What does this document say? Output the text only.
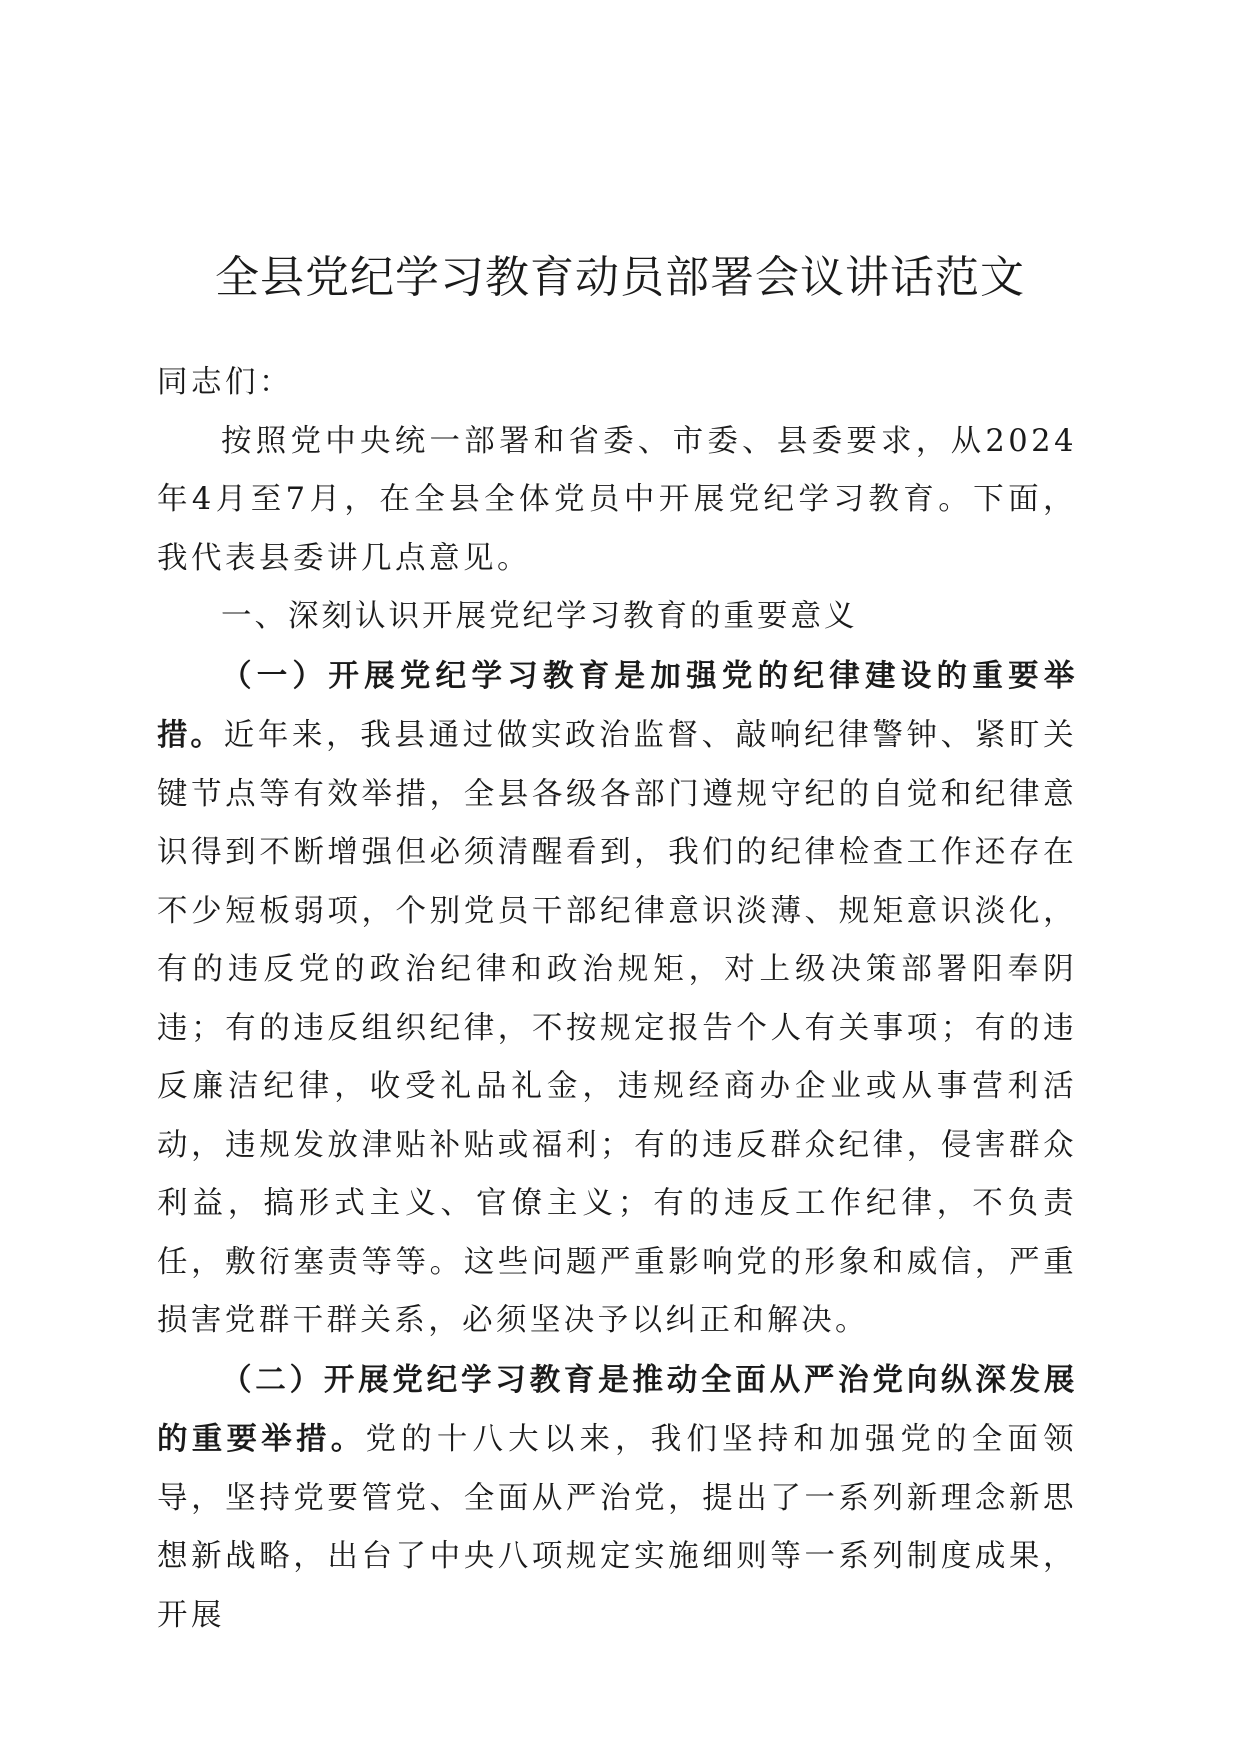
全县党纪学习教育动员部署会议讲话范文

同志们：

按照党中央统一部署和省委、市委、县委要求，从2024年4月至7月，在全县全体党员中开展党纪学习教育。下面，我代表县委讲几点意见。

一、深刻认识开展党纪学习教育的重要意义

（一）开展党纪学习教育是加强党的纪律建设的重要举措。近年来，我县通过做实政治监督、敲响纪律警钟、紧盯关键节点等有效举措，全县各级各部门遵规守纪的自觉和纪律意识得到不断增强但必须清醒看到，我们的纪律检查工作还存在不少短板弱项，个别党员干部纪律意识淡薄、规矩意识淡化，有的违反党的政治纪律和政治规矩，对上级决策部署阳奉阴违；有的违反组织纪律，不按规定报告个人有关事项；有的违反廉洁纪律，收受礼品礼金，违规经商办企业或从事营利活动，违规发放津贴补贴或福利；有的违反群众纪律，侵害群众利益，搞形式主义、官僚主义；有的违反工作纪律，不负责任，敷衍塞责等等。这些问题严重影响党的形象和威信，严重损害党群干群关系，必须坚决予以纠正和解决。

（二）开展党纪学习教育是推动全面从严治党向纵深发展的重要举措。党的十八大以来，我们坚持和加强党的全面领导，坚持党要管党、全面从严治党，提出了一系列新理念新思想新战略，出台了中央八项规定实施细则等一系列制度成果，开展
